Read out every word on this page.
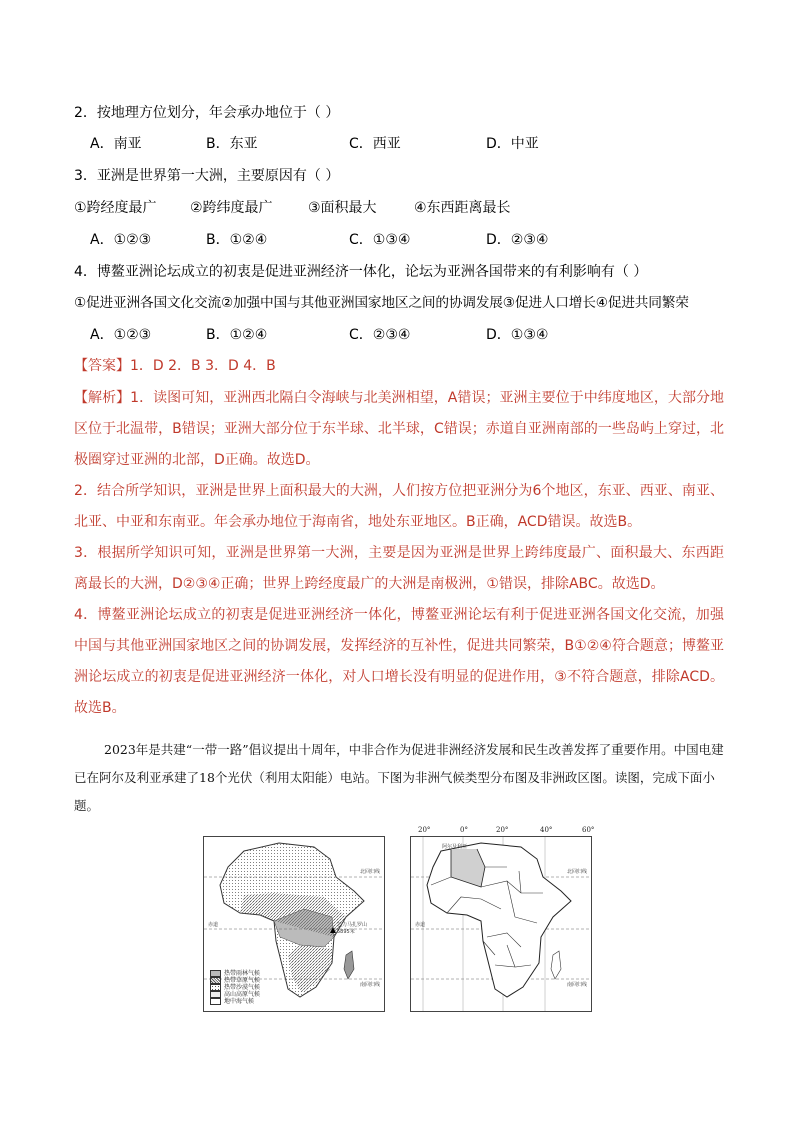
2．按地理方位划分，年会承办地位于（ ）
A．南亚	B．东亚	C．西亚	D．中亚
3．亚洲是世界第一大洲，主要原因有（ ）
①跨经度最广 ②跨纬度最广	③面积最大	④东西距离最长
A．①②③	B．①②④	C．①③④	D．②③④
4．博鳌亚洲论坛成立的初衷是促进亚洲经济一体化，论坛为亚洲各国带来的有利影响有（ ）
①促进亚洲各国文化交流②加强中国与其他亚洲国家地区之间的协调发展③促进人口增长④促进共同繁荣
A．①②③	B．①②④	C．②③④	D．①③④
【答案】1．D 2．B 3．D 4．B

【解析】1．读图可知，亚洲西北隔白令海峡与北美洲相望，A错误；亚洲主要位于中纬度地区，大部分地区位于北温带，B错误；亚洲大部分位于东半球、北半球，C错误；赤道自亚洲南部的一些岛屿上穿过，北极圈穿过亚洲的北部，D正确。故选D。

2．结合所学知识，亚洲是世界上面积最大的大洲，人们按方位把亚洲分为6个地区，东亚、西亚、南亚、北亚、中亚和东南亚。年会承办地位于海南省，地处东亚地区。B正确，ACD错误。故选B。

3．根据所学知识可知，亚洲是世界第一大洲，主要是因为亚洲是世界上跨纬度最广、面积最大、东西距离最长的大洲，D②③④正确；世界上跨经度最广的大洲是南极洲，①错误，排除ABC。故选D。

4．博鳌亚洲论坛成立的初衷是促进亚洲经济一体化，博鳌亚洲论坛有利于促进亚洲各国文化交流，加强中国与其他亚洲国家地区之间的协调发展，发挥经济的互补性，促进共同繁荣，B①②④符合题意；博鳌亚洲论坛成立的初衷是促进亚洲经济一体化，对人口增长没有明显的促进作用，③不符合题意，排除ACD。故选B。

2023年是共建“一带一路”倡议提出十周年，中非合作为促进非洲经济发展和民生改善发挥了重要作用。中国电建已在阿尔及利亚承建了18个光伏（利用太阳能）电站。下图为非洲气候类型分布图及非洲政区图。读图，完成下面小题。

北回归线
赤道
南回归线
乞力马扎罗山
5895米
热带雨林气候
热带草原气候
热带沙漠气候
高山高原气候
地中海气候
20°	0°	20°	40°	60°
阿尔及利亚
北回归线
赤道
南回归线
